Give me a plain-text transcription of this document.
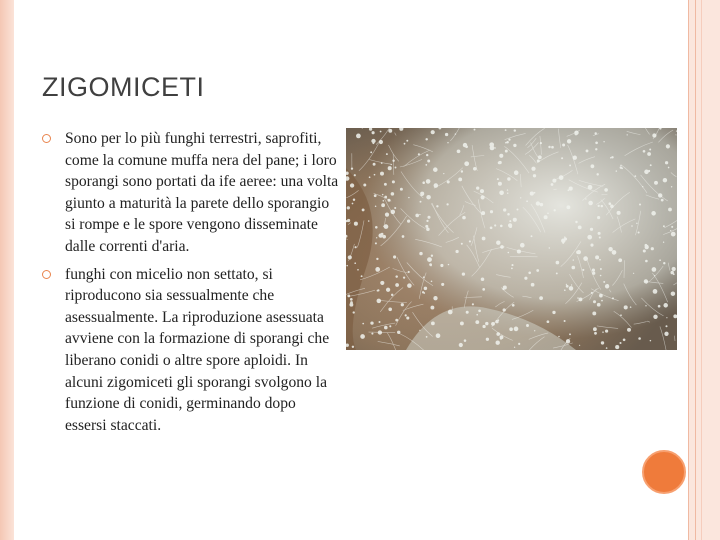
ZIGOMICETI
Sono per lo più funghi terrestri, saprofiti, come la comune muffa nera del pane; i loro sporangi sono portati da ife aeree: una volta giunto a maturità la parete dello sporangio si rompe e le spore vengono disseminate dalle correnti d'aria.
funghi con micelio non settato, si riproducono sia sessualmente che asessualmente. La riproduzione asessuata avviene con la formazione di sporangi che liberano conidi o altre spore aploidi. In alcuni zigomiceti gli sporangi svolgono la funzione di conidi, germinando dopo essersi staccati.
